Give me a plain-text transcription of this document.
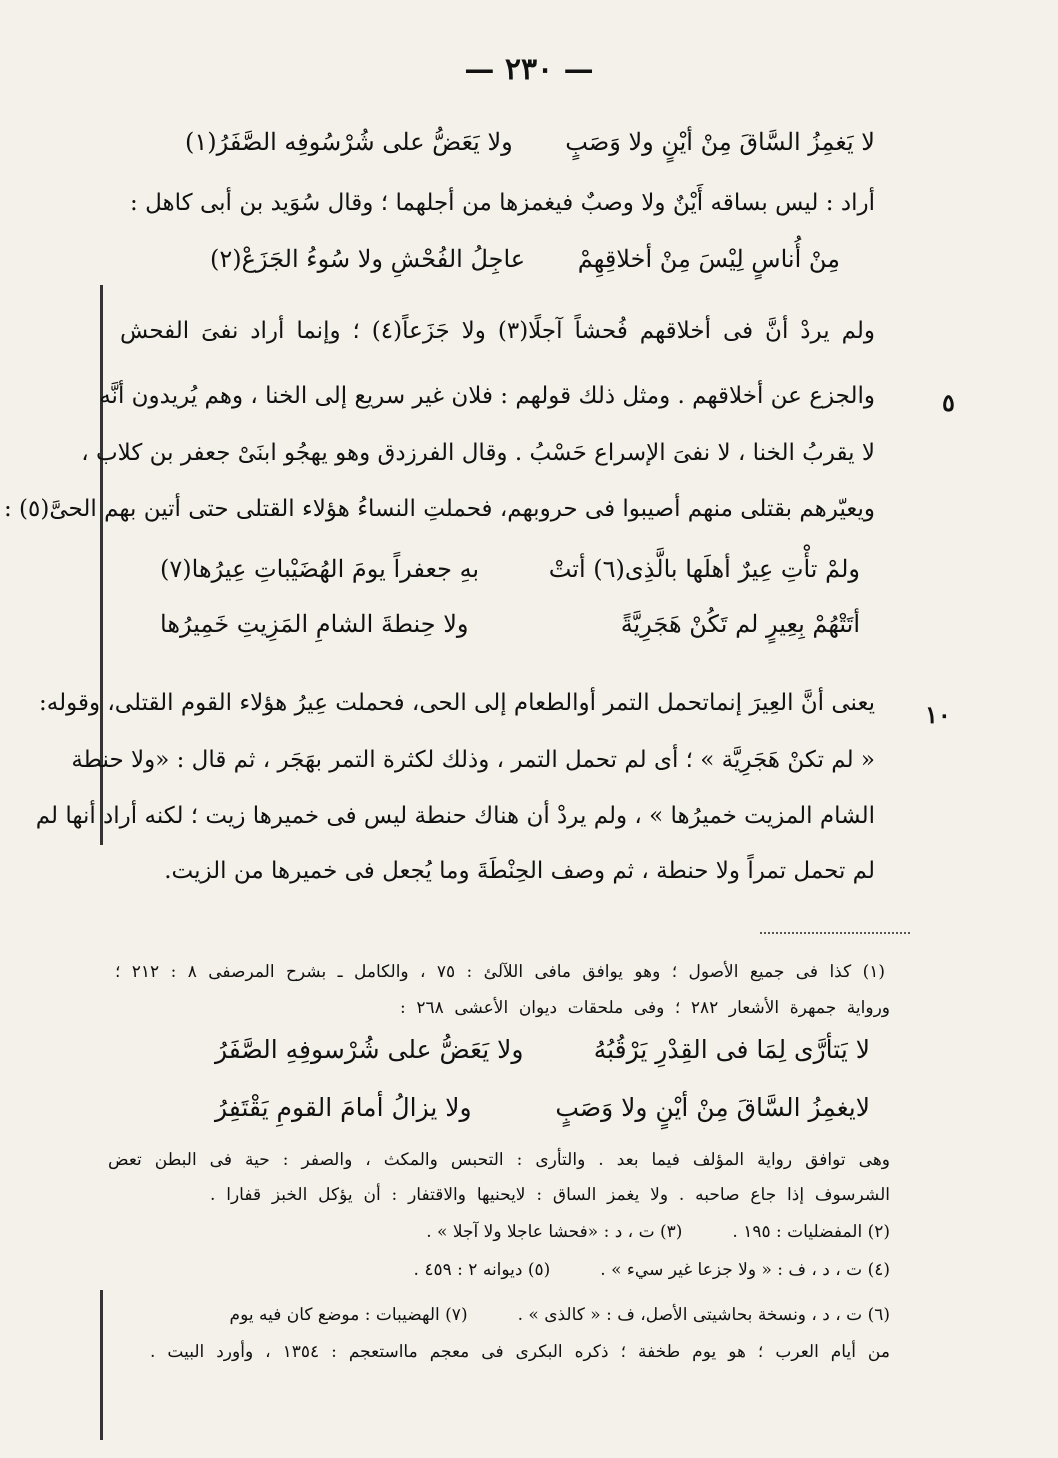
— ٢٣٠ —
لا يَغمِزُ السَّاقَ مِنْ أيْنٍ ولا وَصَبٍ
ولا يَعَضُّ على شُرْسُوفِه الصَّفَرُ(١)
أراد : ليس بساقه أَيْنٌ ولا وصبٌ فيغمزها من أجلهما ؛ وقال سُوَيد بن أبى كاهل :
مِنْ أُناسٍ لِيْسَ مِنْ أخلاقِهِمْ
عاجِلُ الفُحْشِ ولا سُوءُ الجَزَعْ(٢)
ولم يردْ أنَّ فى أخلاقهم فُحشاً آجلًا(٣) ولا جَزَعاً(٤) ؛ وإنما أراد نفىَ الفحش
والجزع عن أخلاقهم . ومثل ذلك قولهم : فلان غير سريع إلى الخنا ، وهم يُريدون أنَّه	٥
لا يقربُ الخنا ، لا نفىَ الإسراع حَسْبُ . وقال الفرزدق وهو يهجُو ابنَىْ جعفر بن كلاب ،
ويعيّرهم بقتلى منهم أصيبوا فى حروبهم، فحملتِ النساءُ هؤلاء القتلى حتى أتين بهم الحىَّ(٥) :
ولمْ تأْتِ عِيرٌ أهلَها بالَّذِى(٦) أتتْ
بهِ جعفراً يومَ الهُضَيْباتِ عِيرُها(٧)
أتَتْهُمْ بِعِيرٍ لم تَكُنْ هَجَرِيَّةً
ولا حِنطةَ الشامِ المَزِيتِ خَمِيرُها
يعنى أنَّ العِيرَ إنماتحمل التمر أوالطعام إلى الحى، فحملت عِيرُ هؤلاء القوم القتلى، وقوله: ١٠
« لم تكنْ هَجَرِيَّة » ؛ أى لم تحمل التمر ، وذلك لكثرة التمر بهَجَر ، ثم قال : «ولا حنطة
الشام المزيت خميرُها » ، ولم يردْ أن هناك حنطة ليس فى خميرها زيت ؛ لكنه أراد أنها لم
لم تحمل تمراً ولا حنطة ، ثم وصف الحِنْطَةَ وما يُجعل فى خميرها من الزيت.
(١) كذا فى جميع الأصول ؛ وهو يوافق مافى اللآلئ : ٧٥ ، والكامل ـ بشرح المرصفى ٨ : ٢١٢ ؛
ورواية جمهرة الأشعار ٢٨٢ ؛ وفى ملحقات ديوان الأعشى ٢٦٨ :
لا يَتأرَّى لِمَا فى القِدْرِ يَرْقُبُهُ
ولا يَعَضُّ على شُرْسوفِهِ الصَّفَرُ
لايغمِزُ السَّاقَ مِنْ أيْنٍ ولا وَصَبٍ
ولا يزالُ أمامَ القومِ يَقْتَفِرُ
وهى توافق رواية المؤلف فيما بعد . والتأرى : التحبس والمكث ، والصفر : حية فى البطن تعض
الشرسوف إذا جاع صاحبه . ولا يغمز الساق : لايحنيها والاقتفار : أن يؤكل الخبز قفارا .
(٢) المفضليات : ١٩٥ .
(٣) ت ، د : «فحشا عاجلا ولا آجلا » .
(٤) ت ، د ، ف : « ولا جزعا غير سيء » .
(٥) ديوانه ٢ : ٤٥٩ .
(٦) ت ، د ، ونسخة بحاشيتى الأصل، ف : « كالذى » .
(٧) الهضيبات : موضع كان فيه يوم
من أيام العرب ؛ هو يوم طخفة ؛ ذكره البكرى فى معجم مااستعجم : ١٣٥٤ ، وأورد البيت .
